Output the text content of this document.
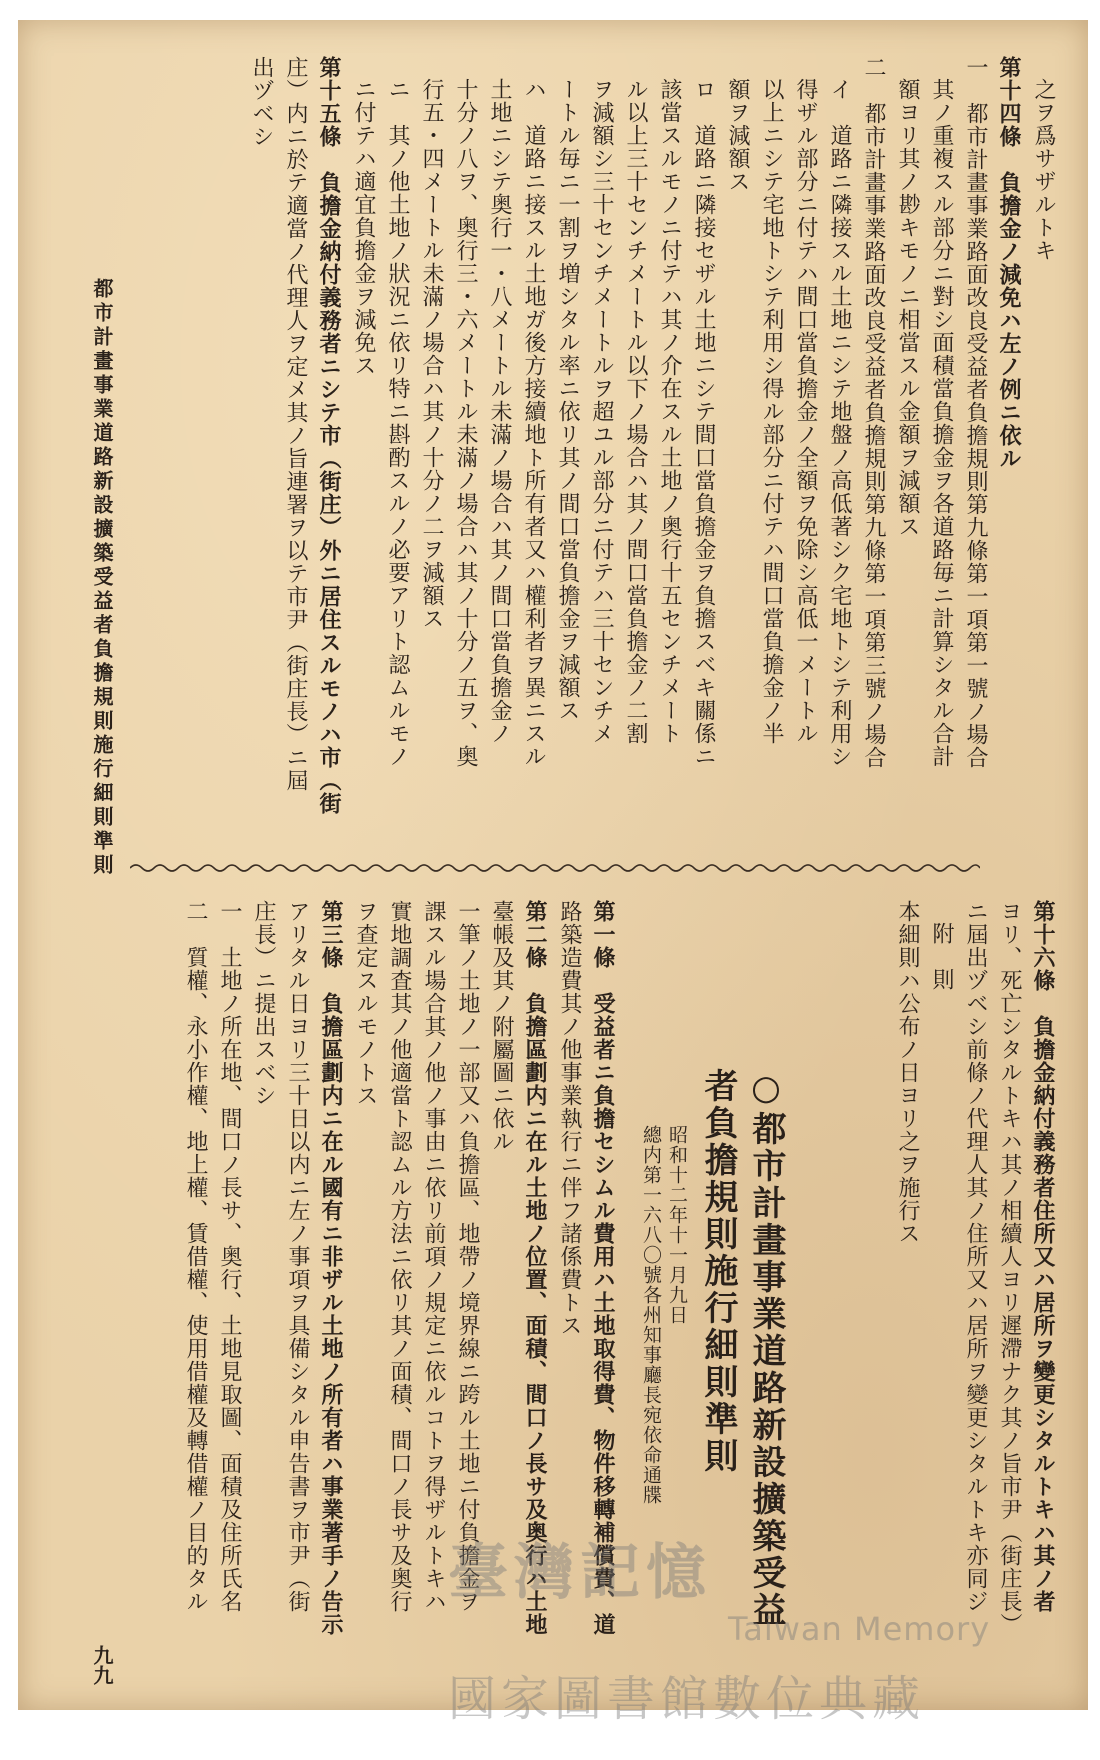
都市計畫事業道路新設擴築受益者負擔規則施行細則準則
九九
之ヲ爲サザルトキ
第十四條　負擔金ノ減免ハ左ノ例ニ依ル
一　都市計畫事業路面改良受益者負擔規則第九條第一項第一號ノ場合
其ノ重複スル部分ニ對シ面積當負擔金ヲ各道路毎ニ計算シタル合計
額ヨリ其ノ尠キモノニ相當スル金額ヲ減額ス
二　都市計畫事業路面改良受益者負擔規則第九條第一項第三號ノ場合
イ　道路ニ隣接スル土地ニシテ地盤ノ高低著シク宅地トシテ利用シ
得ザル部分ニ付テハ間口當負擔金ノ全額ヲ免除シ高低一メートル
以上ニシテ宅地トシテ利用シ得ル部分ニ付テハ間口當負擔金ノ半
額ヲ減額ス
ロ　道路ニ隣接セザル土地ニシテ間口當負擔金ヲ負擔スベキ關係ニ
該當スルモノニ付テハ其ノ介在スル土地ノ奥行十五センチメート
ル以上三十センチメートル以下ノ場合ハ其ノ間口當負擔金ノ二割
ヲ減額シ三十センチメートルヲ超ユル部分ニ付テハ三十センチメ
ートル毎ニ一割ヲ増シタル率ニ依リ其ノ間口當負擔金ヲ減額ス
ハ　道路ニ接スル土地ガ後方接續地ト所有者又ハ權利者ヲ異ニスル
土地ニシテ奥行一・八メートル未滿ノ場合ハ其ノ間口當負擔金ノ
十分ノ八ヲ、奥行三・六メートル未滿ノ場合ハ其ノ十分ノ五ヲ、奥
行五・四メートル未滿ノ場合ハ其ノ十分ノ二ヲ減額ス
ニ　其ノ他土地ノ狀況ニ依リ特ニ斟酌スルノ必要アリト認ムルモノ
ニ付テハ適宜負擔金ヲ減免ス
第十五條　負擔金納付義務者ニシテ市（街庄）外ニ居住スルモノハ市（街
庄）内ニ於テ適當ノ代理人ヲ定メ其ノ旨連署ヲ以テ市尹（街庄長）ニ屆
出ヅベシ
第十六條　負擔金納付義務者住所又ハ居所ヲ變更シタルトキハ其ノ者
ヨリ、死亡シタルトキハ其ノ相續人ヨリ遲滯ナク其ノ旨市尹（街庄長）
ニ屆出ヅベシ前條ノ代理人其ノ住所又ハ居所ヲ變更シタルトキ亦同ジ
附　則
本細則ハ公布ノ日ヨリ之ヲ施行ス
○都市計畫事業道路新設擴築受益
者負擔規則施行細則準則
昭和十二年十一月九日
總内第一六八〇號各州知事廳長宛依命通牒
第一條　受益者ニ負擔セシムル費用ハ土地取得費、物件移轉補償費、道
路築造費其ノ他事業執行ニ伴フ諸係費トス
第二條　負擔區劃内ニ在ル土地ノ位置、面積、間口ノ長サ及奥行ハ土地
臺帳及其ノ附屬圖ニ依ル
一筆ノ土地ノ一部又ハ負擔區、地帶ノ境界線ニ跨ル土地ニ付負擔金ヲ
課スル場合其ノ他ノ事由ニ依リ前項ノ規定ニ依ルコトヲ得ザルトキハ
實地調査其ノ他適當ト認ムル方法ニ依リ其ノ面積、間口ノ長サ及奥行
ヲ查定スルモノトス
第三條　負擔區劃内ニ在ル國有ニ非ザル土地ノ所有者ハ事業著手ノ告示
アリタル日ヨリ三十日以内ニ左ノ事項ヲ具備シタル申告書ヲ市尹（街
庄長）ニ提出スベシ
一　土地ノ所在地、間口ノ長サ、奥行、土地見取圖、面積及住所氏名
二　質權、永小作權、地上權、賃借權、使用借權及轉借權ノ目的タル	臺灣記憶
Taiwan Memory
國家圖書館數位典藏
